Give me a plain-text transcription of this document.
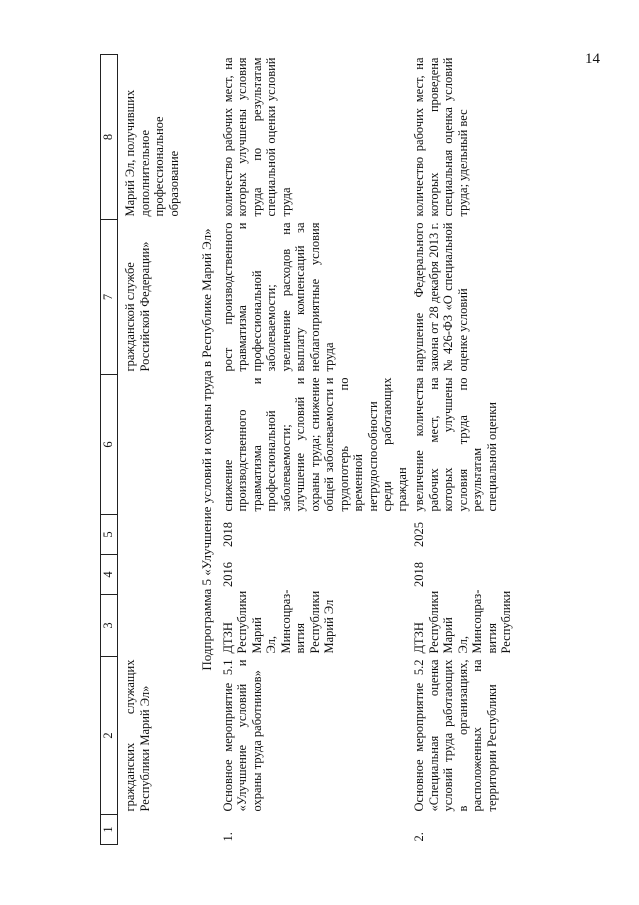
14
1	2	3	4	5	6	7	8
	гражданских служащих Республики Марий Эл»					гражданской службе Российской Федерации»	Марий Эл, получивших дополнительное профессиональное образование
Подпрограмма 5 «Улучшение условий и охраны труда в Республике Марий Эл»							
1.	Основное мероприятие 5.1 «Улучшение условий и охраны труда работников»	ДТЗН Республики Марий Эл, Минсоцраз-вития Республики Марий Эл	2016	2018	снижение производственного травматизма и профессиональной заболеваемости; улучшение условий и охраны труда; снижение общей заболеваемости и трудопотерь по временной нетрудоспособности среди работающих граждан	рост производственного травматизма и профессиональной заболеваемости; увеличение расходов на выплату компенсаций за неблагоприятные условия труда	количество рабочих мест, на которых улучшены условия труда по результатам специальной оценки условий труда
2.	Основное мероприятие 5.2 «Специальная оценка условий труда работающих в организациях, расположенных на территории Республики	ДТЗН Республики Марий Эл, Минсоцраз-вития Республики	2018	2025	увеличение количества рабочих мест, на которых улучшены условия труда по результатам специальной оценки	нарушение Федерального закона от 28 декабря 2013 г. № 426-ФЗ «О специальной оценке условий	количество рабочих мест, на которых проведена специальная оценка условий труда; удельный вес
